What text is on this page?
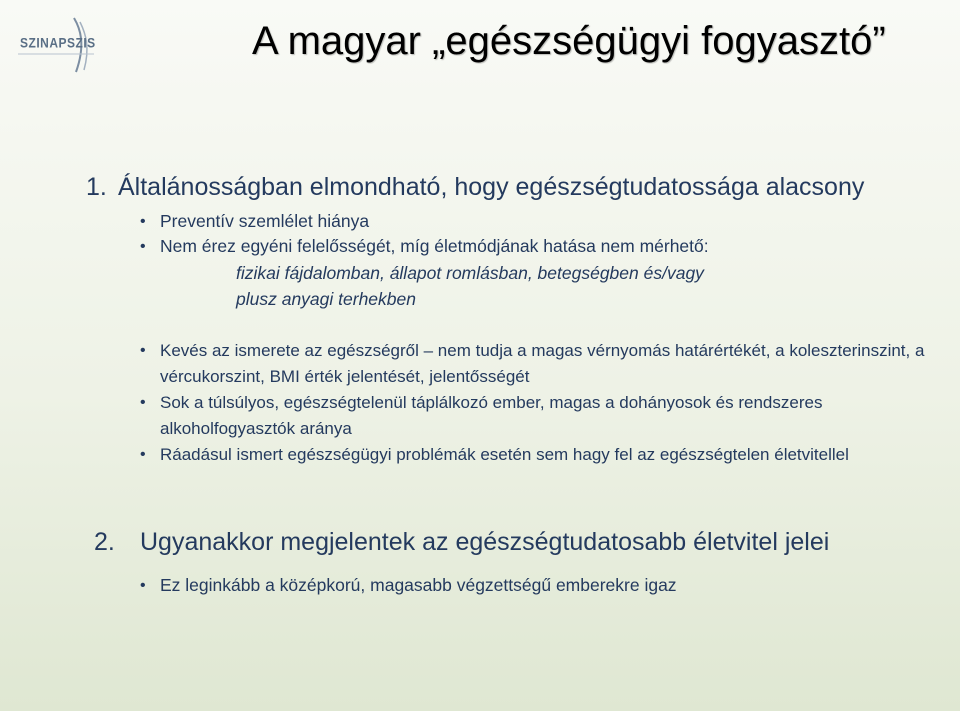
SZINAPSZIS	A magyar „egészségügyi fogyasztó”
1. Általánosságban elmondható, hogy egészségtudatossága alacsony
• Preventív szemlélet hiánya
• Nem érez egyéni felelősségét, míg életmódjának hatása nem mérhető:
fizikai fájdalomban, állapot romlásban, betegségben és/vagy
plusz anyagi terhekben
• Kevés az ismerete az egészségről – nem tudja a magas vérnyomás határértékét, a koleszterinszint, a vércukorszint, BMI érték jelentését, jelentősségét
• Sok a túlsúlyos, egészségtelenül táplálkozó ember, magas a dohányosok és rendszeres alkoholfogyasztók aránya
• Ráadásul ismert egészségügyi problémák esetén sem hagy fel az egészségtelen életvitellel
2. Ugyanakkor megjelentek az egészségtudatosabb életvitel jelei
• Ez leginkább a középkorú, magasabb végzettségű emberekre igaz
